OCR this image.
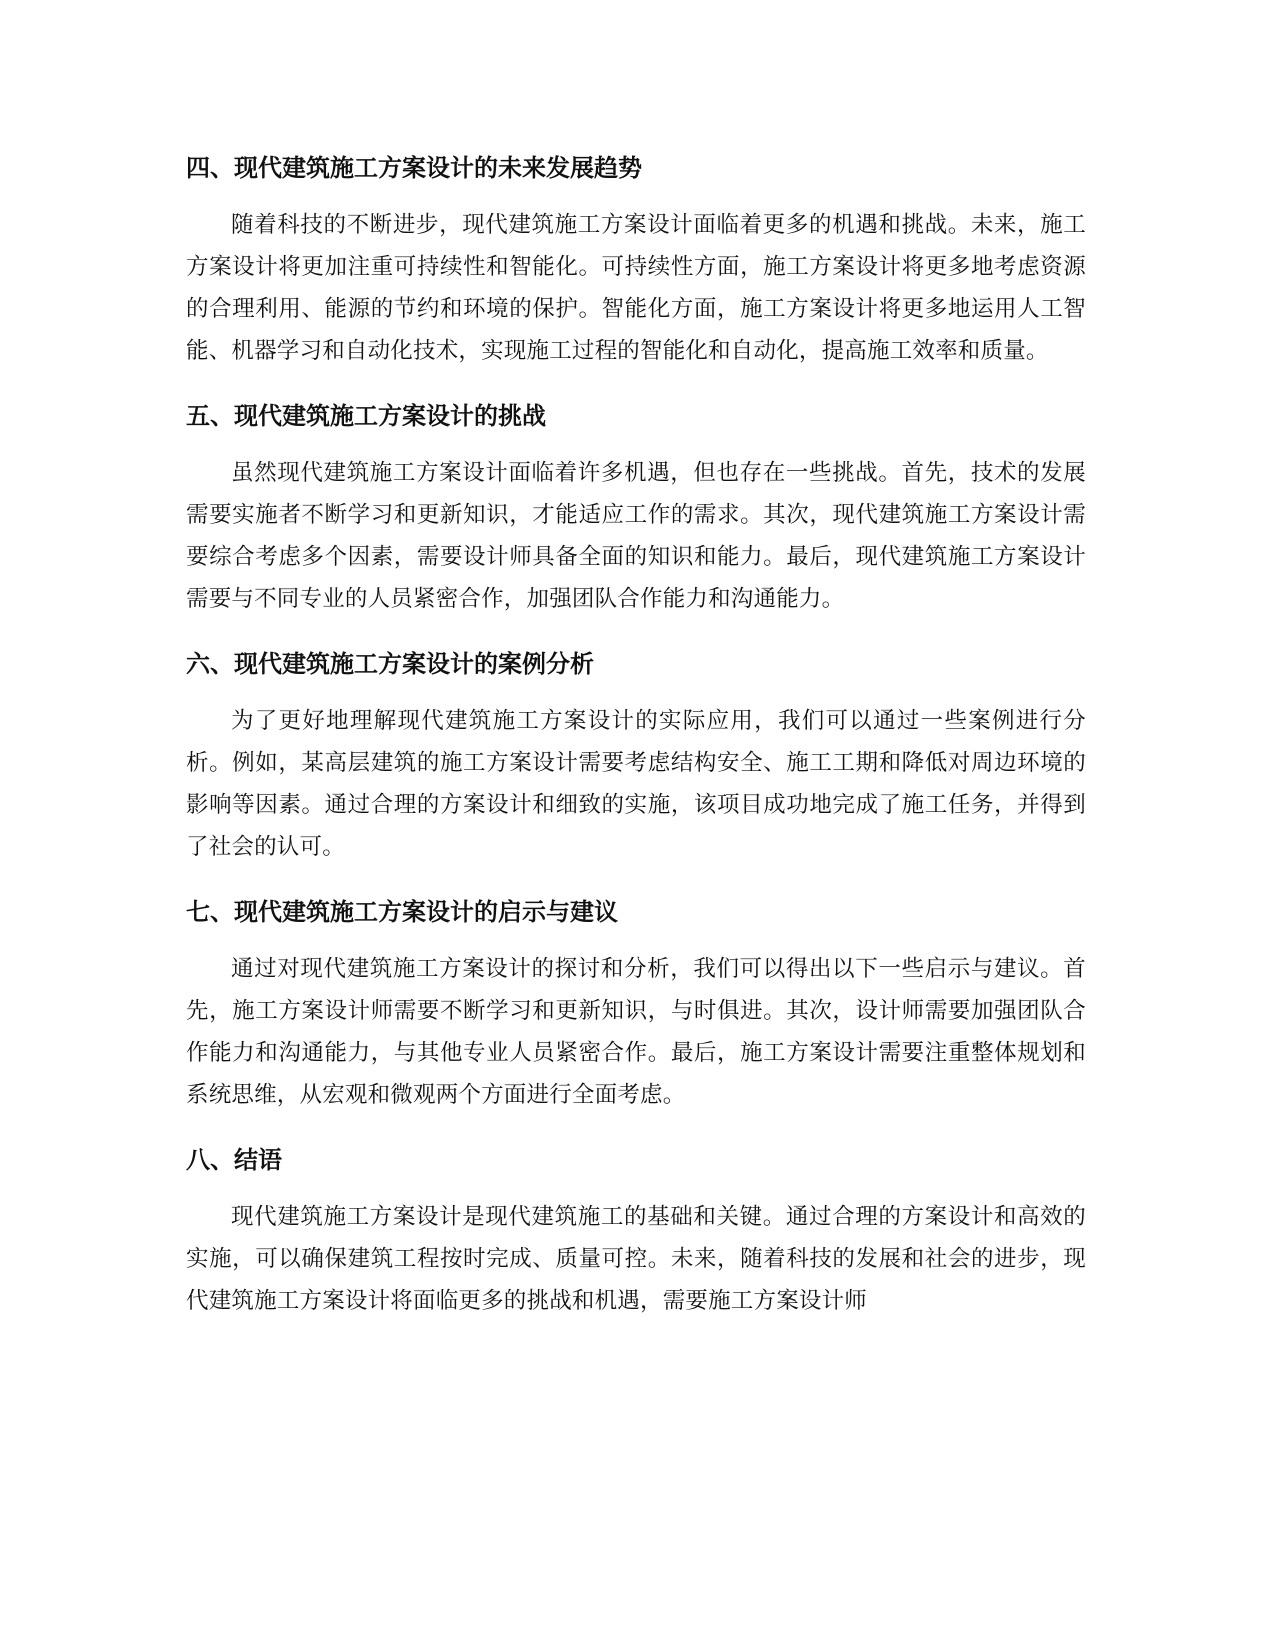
四、现代建筑施工方案设计的未来发展趋势

随着科技的不断进步，现代建筑施工方案设计面临着更多的机遇和挑战。未来，施工方案设计将更加注重可持续性和智能化。可持续性方面，施工方案设计将更多地考虑资源的合理利用、能源的节约和环境的保护。智能化方面，施工方案设计将更多地运用人工智能、机器学习和自动化技术，实现施工过程的智能化和自动化，提高施工效率和质量。

五、现代建筑施工方案设计的挑战

虽然现代建筑施工方案设计面临着许多机遇，但也存在一些挑战。首先，技术的发展需要实施者不断学习和更新知识，才能适应工作的需求。其次，现代建筑施工方案设计需要综合考虑多个因素，需要设计师具备全面的知识和能力。最后，现代建筑施工方案设计需要与不同专业的人员紧密合作，加强团队合作能力和沟通能力。

六、现代建筑施工方案设计的案例分析

为了更好地理解现代建筑施工方案设计的实际应用，我们可以通过一些案例进行分析。例如，某高层建筑的施工方案设计需要考虑结构安全、施工工期和降低对周边环境的影响等因素。通过合理的方案设计和细致的实施，该项目成功地完成了施工任务，并得到了社会的认可。

七、现代建筑施工方案设计的启示与建议

通过对现代建筑施工方案设计的探讨和分析，我们可以得出以下一些启示与建议。首先，施工方案设计师需要不断学习和更新知识，与时俱进。其次，设计师需要加强团队合作能力和沟通能力，与其他专业人员紧密合作。最后，施工方案设计需要注重整体规划和系统思维，从宏观和微观两个方面进行全面考虑。

八、结语

现代建筑施工方案设计是现代建筑施工的基础和关键。通过合理的方案设计和高效的实施，可以确保建筑工程按时完成、质量可控。未来，随着科技的发展和社会的进步，现代建筑施工方案设计将面临更多的挑战和机遇，需要施工方案设计师
